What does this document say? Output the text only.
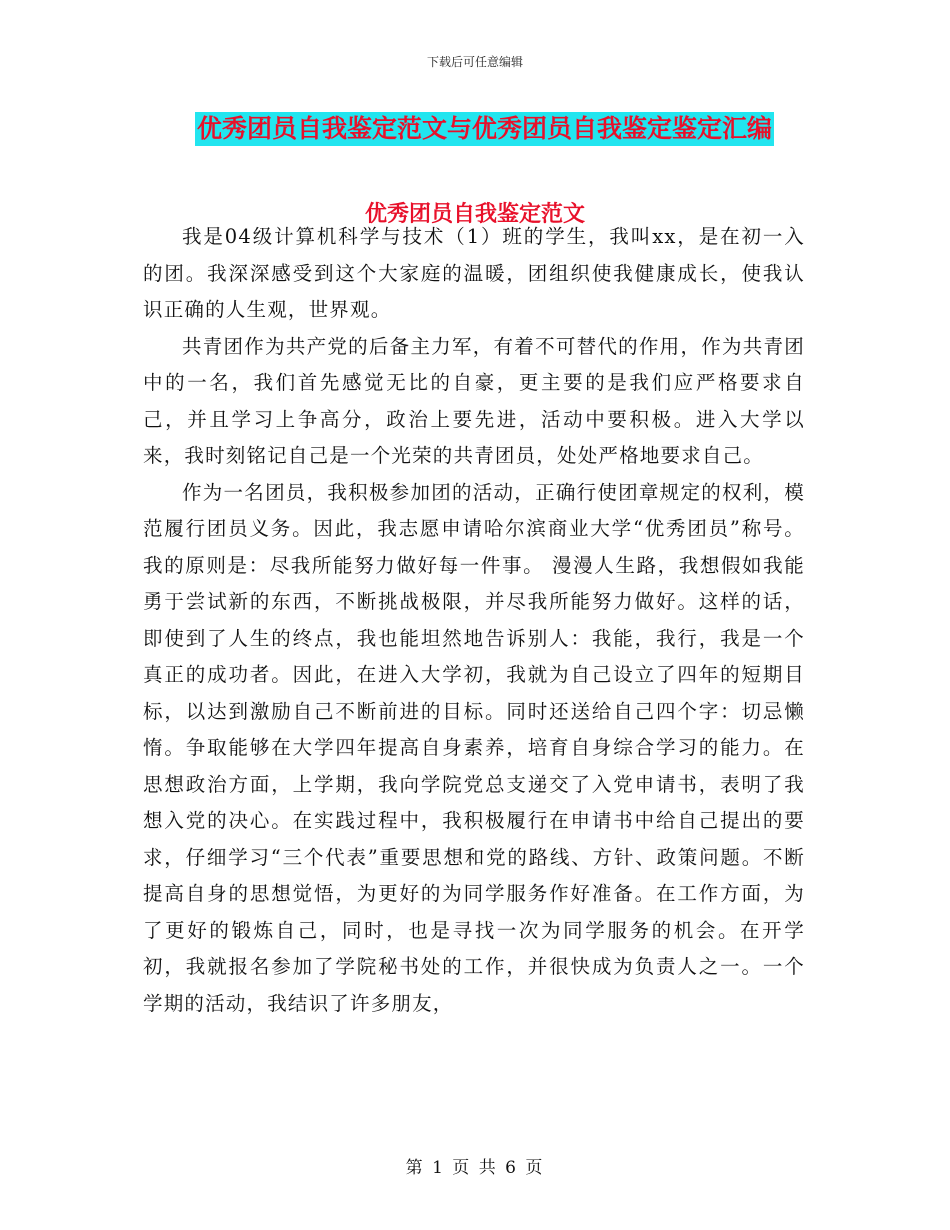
下载后可任意编辑
优秀团员自我鉴定范文与优秀团员自我鉴定鉴定汇编
优秀团员自我鉴定范文

我是04级计算机科学与技术（1）班的学生，我叫xx，是在初一入的团。我深深感受到这个大家庭的温暖，团组织使我健康成长，使我认识正确的人生观，世界观。

共青团作为共产党的后备主力军，有着不可替代的作用，作为共青团中的一名，我们首先感觉无比的自豪，更主要的是我们应严格要求自己，并且学习上争高分，政治上要先进，活动中要积极。进入大学以来，我时刻铭记自己是一个光荣的共青团员，处处严格地要求自己。

作为一名团员，我积极参加团的活动，正确行使团章规定的权利，模范履行团员义务。因此，我志愿申请哈尔滨商业大学“优秀团员”称号。 我的原则是：尽我所能努力做好每一件事。 漫漫人生路，我想假如我能勇于尝试新的东西，不断挑战极限，并尽我所能努力做好。这样的话，即使到了人生的终点，我也能坦然地告诉别人：我能，我行，我是一个真正的成功者。因此，在进入大学初，我就为自己设立了四年的短期目标，以达到激励自己不断前进的目标。同时还送给自己四个字：切忌懒惰。争取能够在大学四年提高自身素养，培育自身综合学习的能力。在思想政治方面，上学期，我向学院党总支递交了入党申请书，表明了我想入党的决心。在实践过程中，我积极履行在申请书中给自己提出的要求，仔细学习“三个代表”重要思想和党的路线、方针、政策问题。不断提高自身的思想觉悟，为更好的为同学服务作好准备。在工作方面，为了更好的锻炼自己，同时，也是寻找一次为同学服务的机会。在开学初，我就报名参加了学院秘书处的工作，并很快成为负责人之一。一个学期的活动，我结识了许多朋友，

第 1 页 共 6 页
